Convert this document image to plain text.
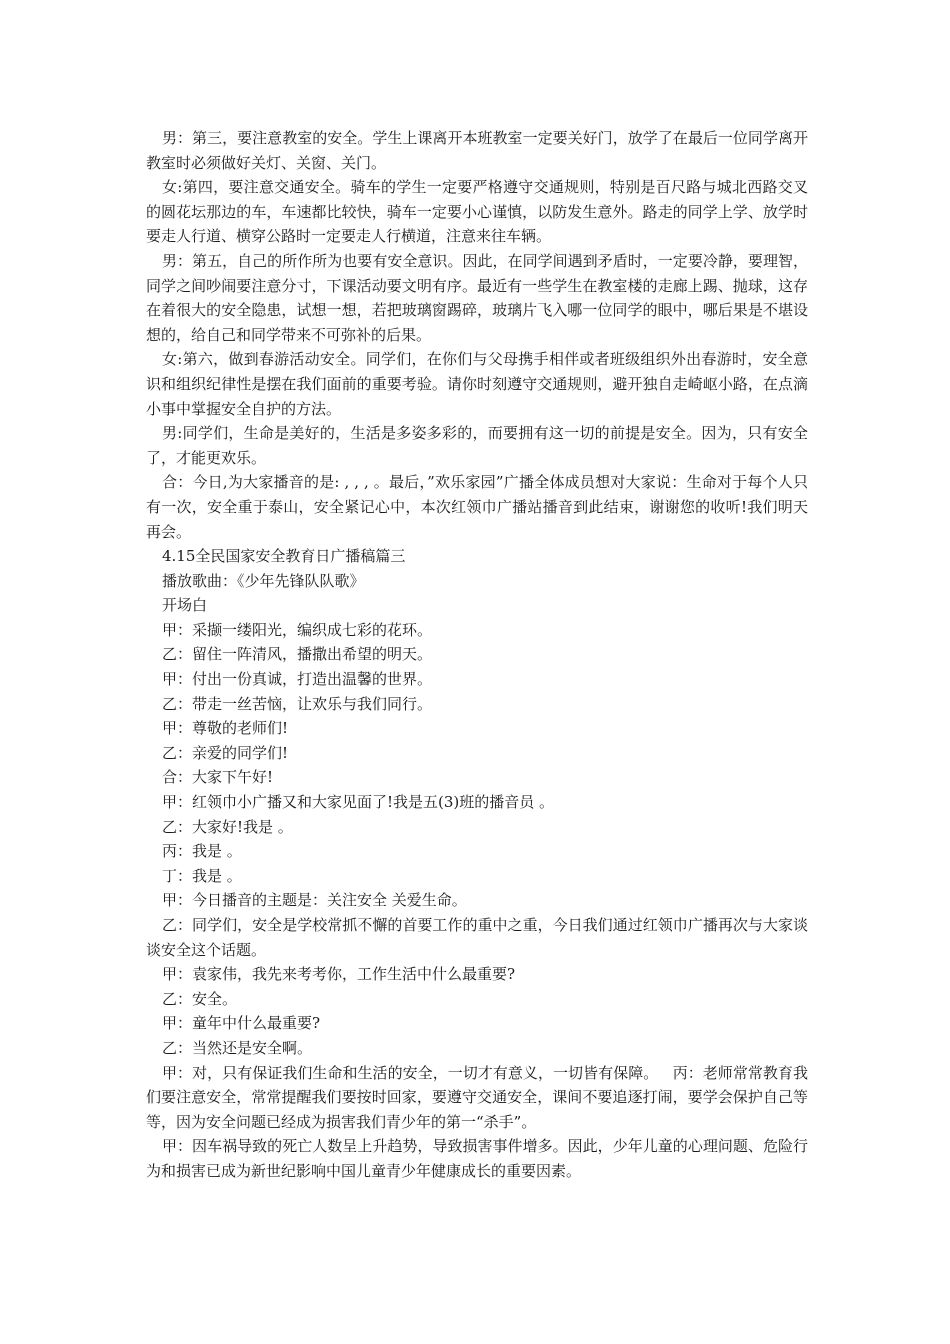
男：第三，要注意教室的安全。学生上课离开本班教室一定要关好门，放学了在最后一位同学离开教室时必须做好关灯、关窗、关门。

女:第四，要注意交通安全。骑车的学生一定要严格遵守交通规则，特别是百尺路与城北西路交叉的圆花坛那边的车，车速都比较快，骑车一定要小心谨慎，以防发生意外。路走的同学上学、放学时要走人行道、横穿公路时一定要走人行横道，注意来往车辆。

男：第五，自己的所作所为也要有安全意识。因此，在同学间遇到矛盾时，一定要冷静，要理智，同学之间吵闹要注意分寸，下课活动要文明有序。最近有一些学生在教室楼的走廊上踢、抛球，这存在着很大的安全隐患，试想一想，若把玻璃窗踢碎，玻璃片飞入哪一位同学的眼中，哪后果是不堪设想的，给自己和同学带来不可弥补的后果。

女:第六，做到春游活动安全。同学们，在你们与父母携手相伴或者班级组织外出春游时，安全意识和组织纪律性是摆在我们面前的重要考验。请你时刻遵守交通规则，避开独自走崎岖小路，在点滴小事中掌握安全自护的方法。

男:同学们，生命是美好的，生活是多姿多彩的，而要拥有这一切的前提是安全。因为，只有安全了，才能更欢乐。

合：今日,为大家播音的是: , , , 。最后，”欢乐家园”广播全体成员想对大家说：生命对于每个人只有一次，安全重于泰山，安全紧记心中，本次红领巾广播站播音到此结束，谢谢您的收听!我们明天再会。

4.15全民国家安全教育日广播稿篇三

播放歌曲：《少年先锋队队歌》

开场白

甲：采撷一缕阳光，编织成七彩的花环。

乙：留住一阵清风，播撒出希望的明天。

甲：付出一份真诚，打造出温馨的世界。

乙：带走一丝苦恼，让欢乐与我们同行。

甲：尊敬的老师们!

乙：亲爱的同学们!

合：大家下午好!

甲：红领巾小广播又和大家见面了!我是五(3)班的播音员 。

乙：大家好!我是 。

丙：我是 。

丁：我是 。

甲：今日播音的主题是：关注安全 关爱生命。

乙：同学们，安全是学校常抓不懈的首要工作的重中之重，今日我们通过红领巾广播再次与大家谈谈安全这个话题。

甲：袁家伟，我先来考考你，工作生活中什么最重要?

乙：安全。

甲：童年中什么最重要?

乙：当然还是安全啊。

甲：对，只有保证我们生命和生活的安全，一切才有意义，一切皆有保障。   丙：老师常常教育我们要注意安全，常常提醒我们要按时回家，要遵守交通安全，课间不要追逐打闹，要学会保护自己等等，因为安全问题已经成为损害我们青少年的第一“杀手”。

甲：因车祸导致的死亡人数呈上升趋势，导致损害事件增多。因此，少年儿童的心理问题、危险行为和损害已成为新世纪影响中国儿童青少年健康成长的重要因素。
